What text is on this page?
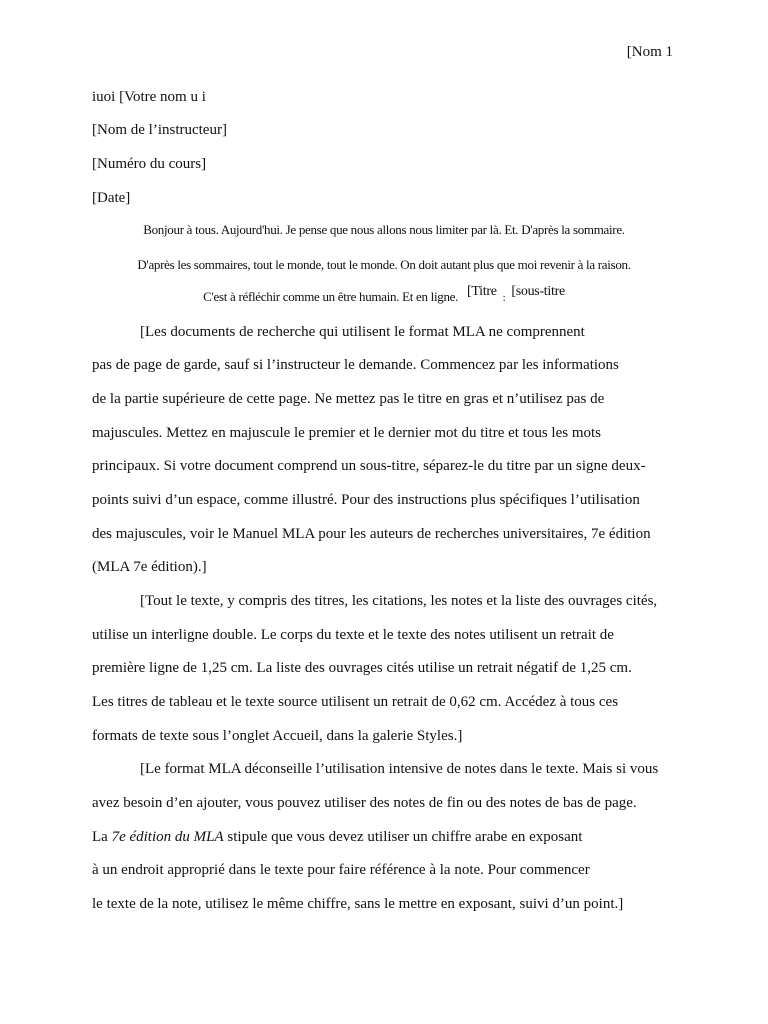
[Nom 1
iuoi [Votre nom u i
[Nom de l’instructeur]
[Numéro du cours]
[Date]
Bonjour à tous. Aujourd'hui. Je pense que nous allons nous limiter par là. Et. D'après la sommaire.
D'après les sommaires, tout le monde, tout le monde. On doit autant plus que moi revenir à la raison.
C'est à réfléchir comme un être humain. Et en ligne. [Titre $_:$ [sous-titre
[Les documents de recherche qui utilisent le format MLA ne comprennent
pas de page de garde, sauf si l’instructeur le demande. Commencez par les informations
de la partie supérieure de cette page. Ne mettez pas le titre en gras et n’utilisez pas de
majuscules. Mettez en majuscule le premier et le dernier mot du titre et tous les mots
principaux. Si votre document comprend un sous-titre, séparez-le du titre par un signe deux-
points suivi d’un espace, comme illustré. Pour des instructions plus spécifiques l’utilisation
des majuscules, voir le Manuel MLA pour les auteurs de recherches universitaires, 7e édition
(MLA 7e édition).]
[Tout le texte, y compris des titres, les citations, les notes et la liste des ouvrages cités,
utilise un interligne double. Le corps du texte et le texte des notes utilisent un retrait de
première ligne de 1,25 cm. La liste des ouvrages cités utilise un retrait négatif de 1,25 cm.
Les titres de tableau et le texte source utilisent un retrait de 0,62 cm. Accédez à tous ces
formats de texte sous l’onglet Accueil, dans la galerie Styles.]
[Le format MLA déconseille l’utilisation intensive de notes dans le texte. Mais si vous
avez besoin d’en ajouter, vous pouvez utiliser des notes de fin ou des notes de bas de page.
La 7e édition du MLA stipule que vous devez utiliser un chiffre arabe en exposant
à un endroit approprié dans le texte pour faire référence à la note. Pour commencer
le texte de la note, utilisez le même chiffre, sans le mettre en exposant, suivi d’un point.]
